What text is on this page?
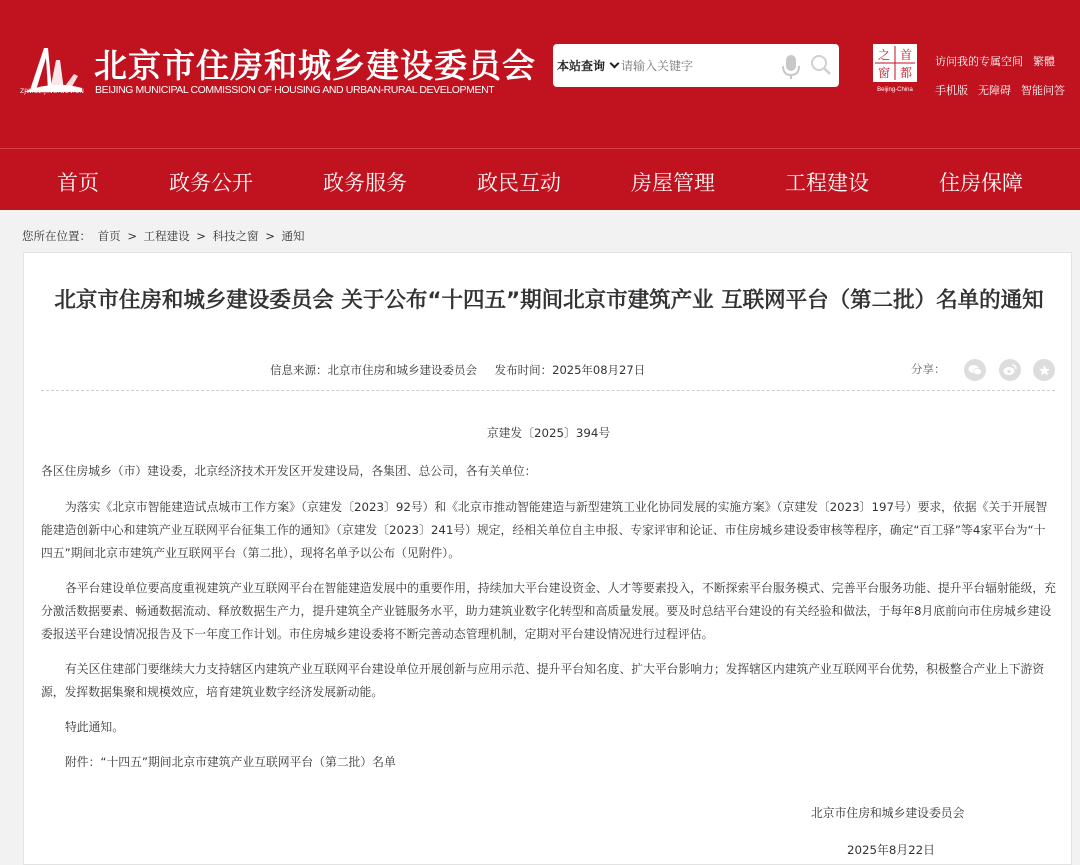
ZJW.BEIJING.GOV.CN
北京市住房和城乡建设委员会
BEIJING MUNICIPAL COMMISSION OF HOUSING AND URBAN-RURAL DEVELOPMENT
本站查询
请输入关键字
之 首
窗 都
Beijing-China
访问我的专属空间 繁體
手机版 无障碍 智能问答
首页	政务公开	政务服务	政民互动	房屋管理	工程建设	住房保障
您所在位置： 首页 > 工程建设 > 科技之窗 > 通知
北京市住房和城乡建设委员会 关于公布“十四五”期间北京市建筑产业 互联网平台（第二批）名单的通知
信息来源：北京市住房和城乡建设委员会 发布时间：2025年08月27日	分享：
京建发〔2025〕394号
各区住房城乡（市）建设委，北京经济技术开发区开发建设局，各集团、总公司，各有关单位：

为落实《北京市智能建造试点城市工作方案》（京建发〔2023〕92号）和《北京市推动智能建造与新型建筑工业化协同发展的实施方案》（京建发〔2023〕197号）要求，依据《关于开展智能建造创新中心和建筑产业互联网平台征集工作的通知》（京建发〔2023〕241号）规定，经相关单位自主申报、专家评审和论证、市住房城乡建设委审核等程序，确定“百工驿”等4家平台为“十四五”期间北京市建筑产业互联网平台（第二批），现将名单予以公布（见附件）。

各平台建设单位要高度重视建筑产业互联网平台在智能建造发展中的重要作用，持续加大平台建设资金、人才等要素投入，不断探索平台服务模式、完善平台服务功能、提升平台辐射能级，充分激活数据要素、畅通数据流动、释放数据生产力，提升建筑全产业链服务水平，助力建筑业数字化转型和高质量发展。要及时总结平台建设的有关经验和做法，于每年8月底前向市住房城乡建设委报送平台建设情况报告及下一年度工作计划。市住房城乡建设委将不断完善动态管理机制，定期对平台建设情况进行过程评估。

有关区住建部门要继续大力支持辖区内建筑产业互联网平台建设单位开展创新与应用示范、提升平台知名度、扩大平台影响力；发挥辖区内建筑产业互联网平台优势，积极整合产业上下游资源，发挥数据集聚和规模效应，培育建筑业数字经济发展新动能。

特此通知。

附件：“十四五”期间北京市建筑产业互联网平台（第二批）名单

北京市住房和城乡建设委员会
2025年8月22日
